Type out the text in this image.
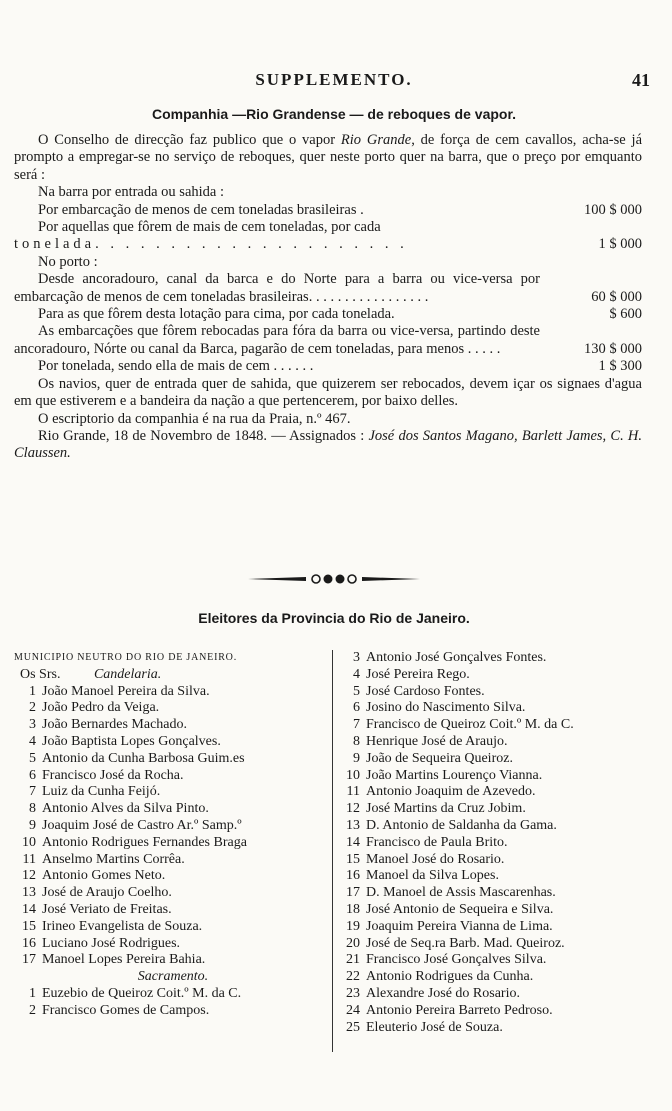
SUPPLEMENTO.	41
Companhia —Rio Grandense — de reboques de vapor.

O Conselho de direcção faz publico que o vapor Rio Grande, de força de cem cavallos, acha-se já prompto a empregar-se no serviço de reboques, quer neste porto quer na barra, que o preço por emquanto será :

Na barra por entrada ou sahida :

Por embarcação de menos de cem toneladas brasileiras .	100 $ 000

Por aquellas que fôrem de mais de cem toneladas, por cada

tonelada. . . . . . . . . . . . . . . . . . . . .	1 $ 000

No porto :

Desde ancoradouro, canal da barca e do Norte para a barra ou vice-versa por embarcação de menos de cem toneladas brasileiras. . . . . . . . . . . . . . . . .	60 $ 000
Para as que fôrem desta lotação para cima, por cada tonelada.	$ 600
As embarcações que fôrem rebocadas para fóra da barra ou vice-versa, partindo deste ancoradouro, Nórte ou canal da Barca, pagarão de cem toneladas, para menos . . . . .	130 $ 000
Por tonelada, sendo ella de mais de cem . . . . . .	1 $ 300

Os navios, quer de entrada quer de sahida, que quizerem ser rebocados, devem içar os signaes d'agua em que estiverem e a bandeira da nação a que pertencerem, por baixo delles.

O escriptorio da companhia é na rua da Praia, n.º 467.

Rio Grande, 18 de Novembro de 1848. — Assignados : José dos Santos Magano, Barlett James, C. H. Claussen.

Eleitores da Provincia do Rio de Janeiro.
MUNICIPIO NEUTRO DO RIO DE JANEIRO.
Os Srs. Candelaria.
1 João Manoel Pereira da Silva.
2 João Pedro da Veiga.
3 João Bernardes Machado.
4 João Baptista Lopes Gonçalves.
5 Antonio da Cunha Barbosa Guim.es
6 Francisco José da Rocha.
7 Luiz da Cunha Feijó.
8 Antonio Alves da Silva Pinto.
9 Joaquim José de Castro Ar.º Samp.º
10 Antonio Rodrigues Fernandes Braga
11 Anselmo Martins Corrêa.
12 Antonio Gomes Neto.
13 José de Araujo Coelho.
14 José Veriato de Freitas.
15 Irineo Evangelista de Souza.
16 Luciano José Rodrigues.
17 Manoel Lopes Pereira Bahia.
Sacramento.
1 Euzebio de Queiroz Coit.º M. da C.
2 Francisco Gomes de Campos.
3 Antonio José Gonçalves Fontes.
4 José Pereira Rego.
5 José Cardoso Fontes.
6 Josino do Nascimento Silva.
7 Francisco de Queiroz Coit.º M. da C.
8 Henrique José de Araujo.
9 João de Sequeira Queiroz.
10 João Martins Lourenço Vianna.
11 Antonio Joaquim de Azevedo.
12 José Martins da Cruz Jobim.
13 D. Antonio de Saldanha da Gama.
14 Francisco de Paula Brito.
15 Manoel José do Rosario.
16 Manoel da Silva Lopes.
17 D. Manoel de Assis Mascarenhas.
18 José Antonio de Sequeira e Silva.
19 Joaquim Pereira Vianna de Lima.
20 José de Seq.ra Barb. Mad. Queiroz.
21 Francisco José Gonçalves Silva.
22 Antonio Rodrigues da Cunha.
23 Alexandre José do Rosario.
24 Antonio Pereira Barreto Pedroso.
25 Eleuterio José de Souza.
